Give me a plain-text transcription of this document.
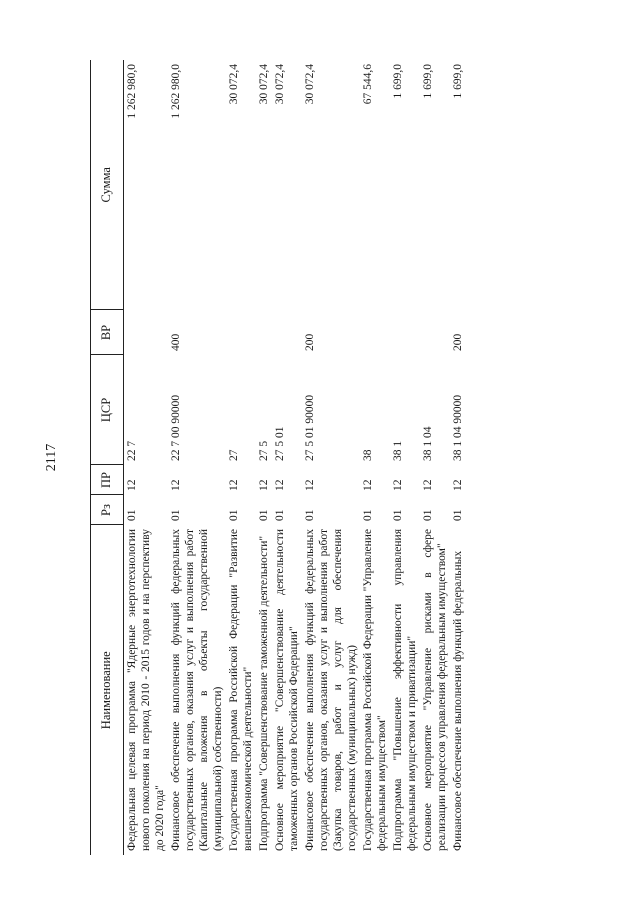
2117
Наименование	Рз	ПР	ЦСР	ВР	Сумма
Федеральная целевая программа "Ядерные энерготехнологии нового поколения на период 2010 - 2015 годов и на перспективу до 2020 года"	01	12	22 7		1 262 980,0
Финансовое обеспечение выполнения функций федеральных государственных органов, оказания услуг и выполнения работ (Капитальные вложения в объекты государственной (муниципальной) собственности)	01	12	22 7 00 90000	400	1 262 980,0
Государственная программа Российской Федерации "Развитие внешнеэкономической деятельности"	01	12	27		30 072,4
Подпрограмма "Совершенствование таможенной деятельности"	01	12	27 5		30 072,4
Основное мероприятие "Совершенствование деятельности таможенных органов Российской Федерации"	01	12	27 5 01		30 072,4
Финансовое обеспечение выполнения функций федеральных государственных органов, оказания услуг и выполнения работ (Закупка товаров, работ и услуг для обеспечения государственных (муниципальных) нужд)	01	12	27 5 01 90000	200	30 072,4
Государственная программа Российской Федерации "Управление федеральным имуществом"	01	12	38		67 544,6
Подпрограмма "Повышение эффективности управления федеральным имуществом и приватизации"	01	12	38 1		1 699,0
Основное мероприятие "Управление рисками в сфере реализации процессов управления федеральным имуществом"	01	12	38 1 04		1 699,0
Финансовое обеспечение выполнения функций федеральных	01	12	38 1 04 90000	200	1 699,0
